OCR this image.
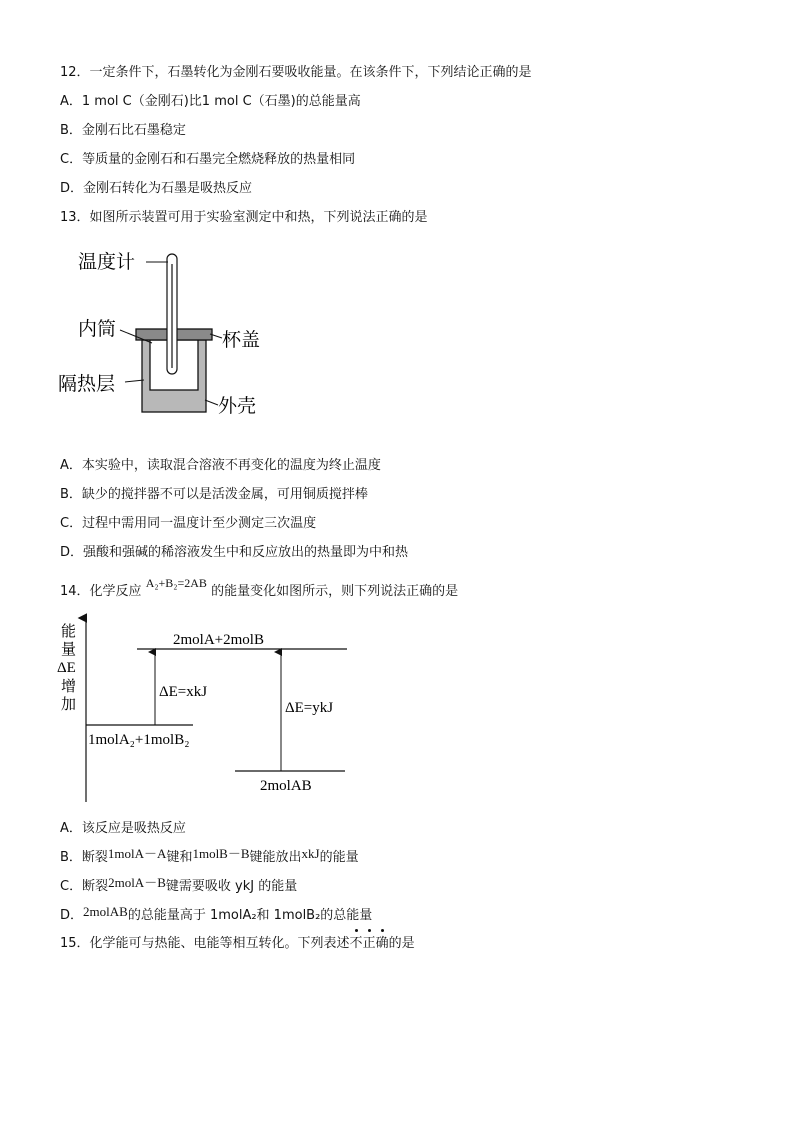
12．一定条件下，石墨转化为金刚石要吸收能量。在该条件下，下列结论正确的是
A．1 mol C（金刚石)比1 mol C（石墨)的总能量高
B．金刚石比石墨稳定
C．等质量的金刚石和石墨完全燃烧释放的热量相同
D．金刚石转化为石墨是吸热反应
13．如图所示装置可用于实验室测定中和热，下列说法正确的是
温度计
内筒
杯盖
隔热层
外壳
A．本实验中，读取混合溶液不再变化的温度为终止温度
B．缺少的搅拌器不可以是活泼金属，可用铜质搅拌棒
C．过程中需用同一温度计至少测定三次温度
D．强酸和强碱的稀溶液发生中和反应放出的热量即为中和热
14．化学反应 A₂+B₂=2AB 的能量变化如图所示，则下列说法正确的是
能
量
ΔE
增
加
2molA+2molB
ΔE=xkJ
ΔE=ykJ
1molA₂+1molB₂
2molAB
A．该反应是吸热反应
B．断裂1molA－A键和1molB－B键能放出xkJ的能量
C．断裂2molA－B键需要吸收 ykJ 的能量
D．2molAB的总能量高于 1molA₂和 1molB₂的总能量
15．化学能可与热能、电能等相互转化。下列表述不正确的是
